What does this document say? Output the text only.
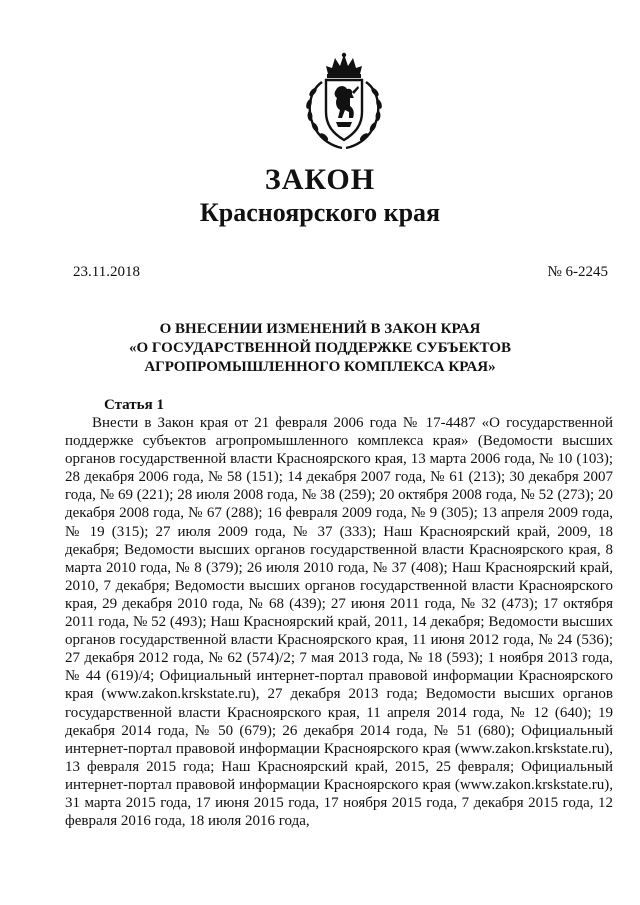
ЗАКОН
Красноярского края
23.11.2018	№ 6-2245
О ВНЕСЕНИИ ИЗМЕНЕНИЙ В ЗАКОН КРАЯ
«О ГОСУДАРСТВЕННОЙ ПОДДЕРЖКЕ СУБЪЕКТОВ
АГРОПРОМЫШЛЕННОГО КОМПЛЕКСА КРАЯ»
Статья 1

Внести в Закон края от 21 февраля 2006 года № 17-4487 «О государственной поддержке субъектов агропромышленного комплекса края» (Ведомости высших органов государственной власти Красноярского края, 13 марта 2006 года, № 10 (103); 28 декабря 2006 года, № 58 (151); 14 декабря 2007 года, № 61 (213); 30 декабря 2007 года, № 69 (221); 28 июля 2008 года, № 38 (259); 20 октября 2008 года, № 52 (273); 20 декабря 2008 года, № 67 (288); 16 февраля 2009 года, № 9 (305); 13 апреля 2009 года, № 19 (315); 27 июля 2009 года, № 37 (333); Наш Красноярский край, 2009, 18 декабря; Ведомости высших органов государственной власти Красноярского края, 8 марта 2010 года, № 8 (379); 26 июля 2010 года, № 37 (408); Наш Красноярский край, 2010, 7 декабря; Ведомости высших органов государственной власти Красноярского края, 29 декабря 2010 года, № 68 (439); 27 июня 2011 года, № 32 (473); 17 октября 2011 года, № 52 (493); Наш Красноярский край, 2011, 14 декабря; Ведомости высших органов государственной власти Красноярского края, 11 июня 2012 года, № 24 (536); 27 декабря 2012 года, № 62 (574)/2; 7 мая 2013 года, № 18 (593); 1 ноября 2013 года, № 44 (619)/4; Официальный интернет-портал правовой информации Красноярского края (www.zakon.krskstate.ru), 27 декабря 2013 года; Ведомости высших органов государственной власти Красноярского края, 11 апреля 2014 года, № 12 (640); 19 декабря 2014 года, № 50 (679); 26 декабря 2014 года, № 51 (680); Официальный интернет-портал правовой информации Красноярского края (www.zakon.krskstate.ru), 13 февраля 2015 года; Наш Красноярский край, 2015, 25 февраля; Официальный интернет-портал правовой информации Красноярского края (www.zakon.krskstate.ru), 31 марта 2015 года, 17 июня 2015 года, 17 ноября 2015 года, 7 декабря 2015 года, 12 февраля 2016 года, 18 июля 2016 года,
